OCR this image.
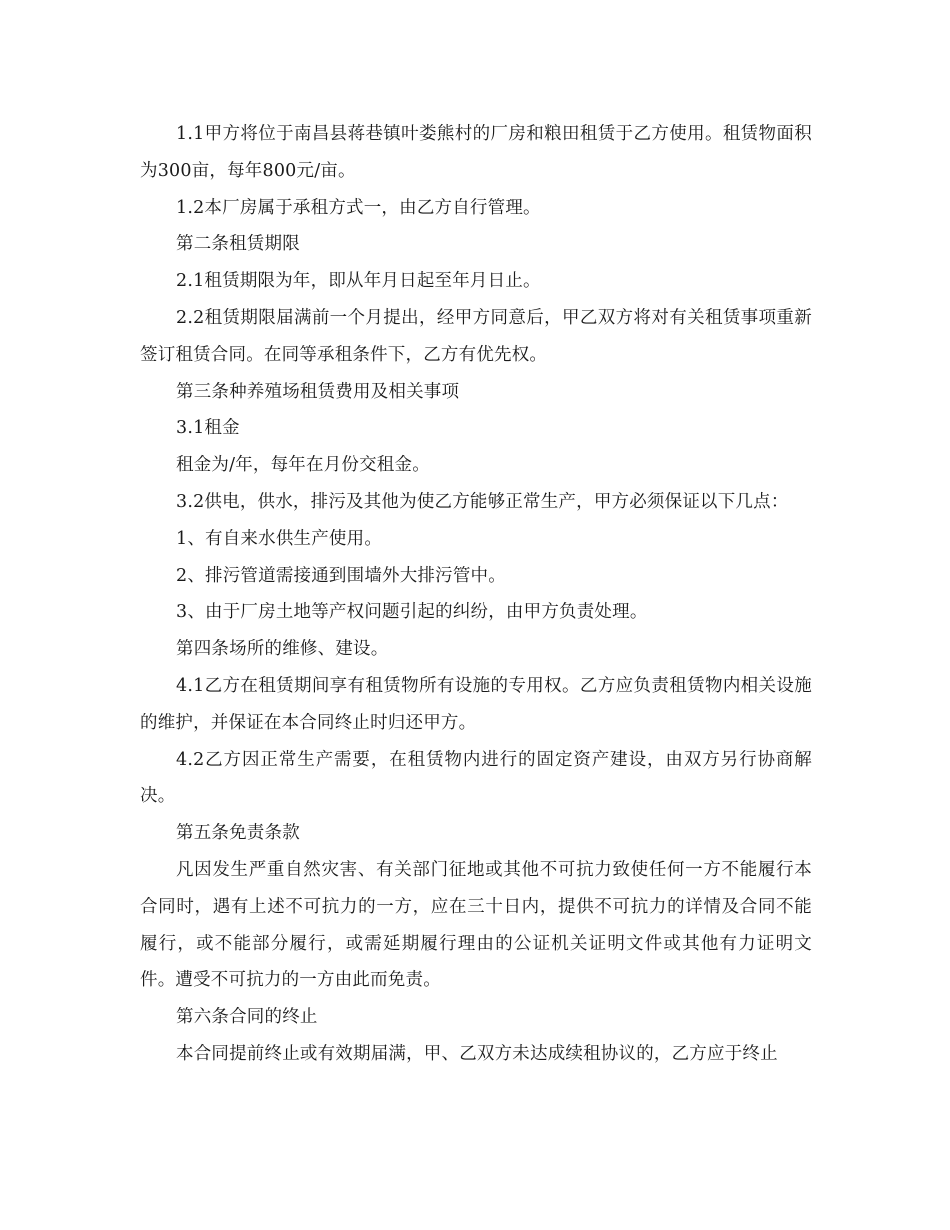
1.1甲方将位于南昌县蒋巷镇叶娄熊村的厂房和粮田租赁于乙方使用。租赁物面积为300亩，每年800元/亩。

1.2本厂房属于承租方式一，由乙方自行管理。

第二条租赁期限

2.1租赁期限为年，即从年月日起至年月日止。

2.2租赁期限届满前一个月提出，经甲方同意后，甲乙双方将对有关租赁事项重新签订租赁合同。在同等承租条件下，乙方有优先权。

第三条种养殖场租赁费用及相关事项

3.1租金

租金为/年，每年在月份交租金。

3.2供电，供水，排污及其他为使乙方能够正常生产，甲方必须保证以下几点：

1、有自来水供生产使用。

2、排污管道需接通到围墙外大排污管中。

3、由于厂房土地等产权问题引起的纠纷，由甲方负责处理。

第四条场所的维修、建设。

4.1乙方在租赁期间享有租赁物所有设施的专用权。乙方应负责租赁物内相关设施的维护，并保证在本合同终止时归还甲方。

4.2乙方因正常生产需要，在租赁物内进行的固定资产建设，由双方另行协商解决。

第五条免责条款

凡因发生严重自然灾害、有关部门征地或其他不可抗力致使任何一方不能履行本合同时，遇有上述不可抗力的一方，应在三十日内，提供不可抗力的详情及合同不能履行，或不能部分履行，或需延期履行理由的公证机关证明文件或其他有力证明文件。遭受不可抗力的一方由此而免责。

第六条合同的终止

本合同提前终止或有效期届满，甲、乙双方未达成续租协议的，乙方应于终止
